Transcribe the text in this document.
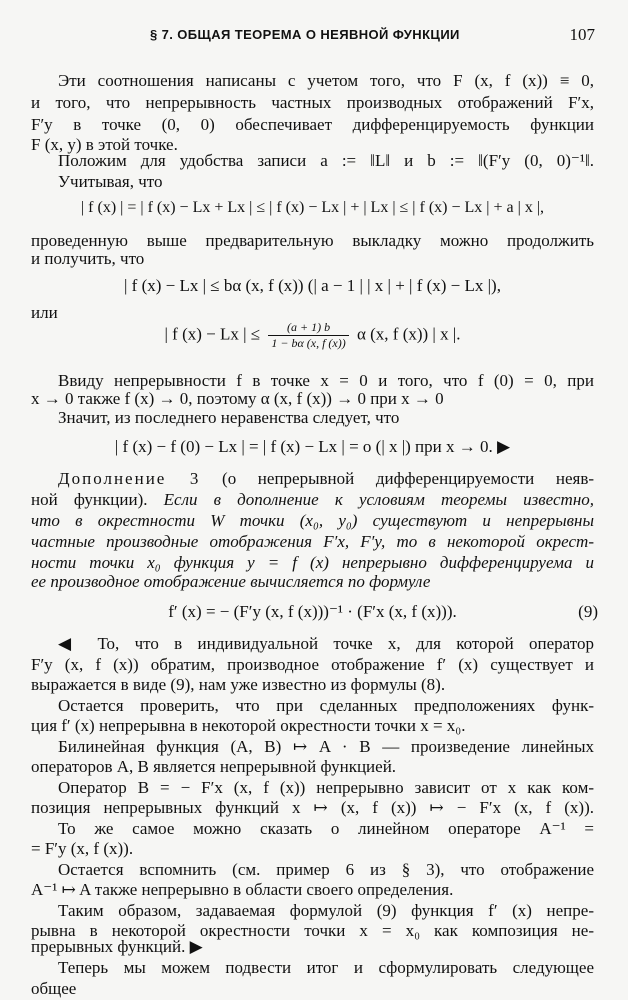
§ 7. ОБЩАЯ ТЕОРЕМА О НЕЯВНОЙ ФУНКЦИИ	107
Эти соотношения написаны с учетом того, что F (x, f (x)) ≡ 0,
и того, что непрерывность частных производных отображений F′x,
F′y в точке (0, 0) обеспечивает дифференцируемость функции
F (x, y) в этой точке.
Положим для удобства записи a := ‖L‖ и b := ‖(F′y (0, 0)⁻¹‖.
Учитывая, что
| f (x) | = | f (x) − Lx + Lx | ≤ | f (x) − Lx | + | Lx | ≤ | f (x) − Lx | + a | x |,
проведенную выше предварительную выкладку можно продолжить
и получить, что
| f (x) − Lx | ≤ bα (x, f (x)) (| a − 1 | | x | + | f (x) − Lx |),
или
| f (x) − Lx | ≤ $\frac{(a + 1) b}{1 - b\alpha (x, f (x))}$ α (x, f (x)) | x |.
Ввиду непрерывности f в точке x = 0 и того, что f (0) = 0, при
x → 0 также f (x) → 0, поэтому α (x, f (x)) → 0 при x → 0
Значит, из последнего неравенства следует, что
| f (x) − f (0) − Lx | = | f (x) − Lx | = o (| x |) при x → 0. ▶
Дополнение 3 (о непрерывной дифференцируемости неяв-
ной функции). Если в дополнение к условиям теоремы известно,
что в окрестности W точки (x₀, y₀) существуют и непрерывны
частные производные отображения F′x, F′y, то в некоторой окрест-
ности точки x₀ функция y = f (x) непрерывно дифференцируема и
ее производное отображение вычисляется по формуле
f′ (x) = − (F′y (x, f (x)))⁻¹ · (F′x (x, f (x))).	(9)
◀ То, что в индивидуальной точке x, для которой оператор
F′y (x, f (x)) обратим, производное отображение f′ (x) существует и
выражается в виде (9), нам уже известно из формулы (8).
Остается проверить, что при сделанных предположениях функ-
ция f′ (x) непрерывна в некоторой окрестности точки x = x₀.
Билинейная функция (A, B) ↦ A · B — произведение линейных
операторов A, B является непрерывной функцией.
Оператор B = − F′x (x, f (x)) непрерывно зависит от x как ком-
позиция непрерывных функций x ↦ (x, f (x)) ↦ − F′x (x, f (x)).
То же самое можно сказать о линейном операторе A⁻¹ =
= F′y (x, f (x)).
Остается вспомнить (см. пример 6 из § 3), что отображение
A⁻¹ ↦ A также непрерывно в области своего определения.
Таким образом, задаваемая формулой (9) функция f′ (x) непре-
рывна в некоторой окрестности точки x = x₀ как композиция не-
прерывных функций. ▶
Теперь мы можем подвести итог и сформулировать следующее
общее
